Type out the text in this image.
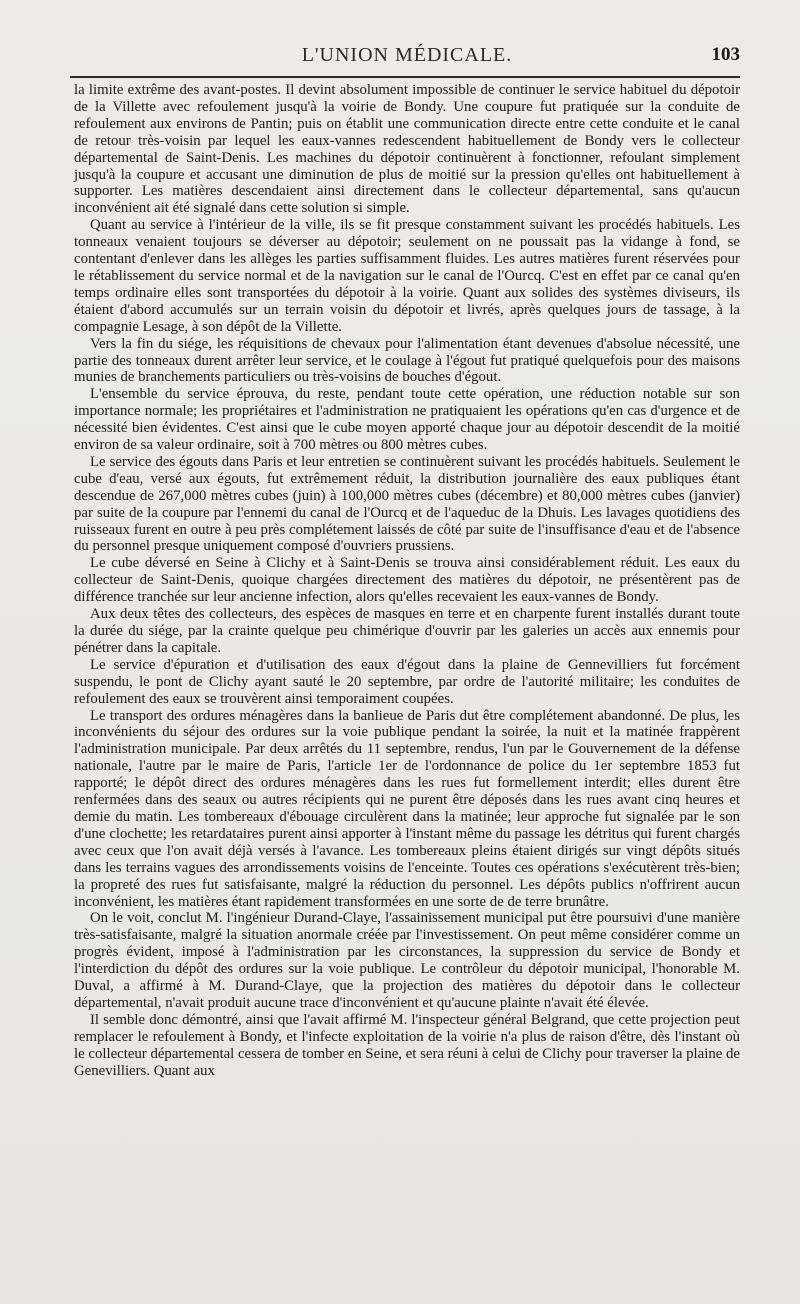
L'UNION MÉDICALE.	103

la limite extrême des avant-postes. Il devint absolument impossible de continuer le service habituel du dépotoir de la Villette avec refoulement jusqu'à la voirie de Bondy. Une coupure fut pratiquée sur la conduite de refoulement aux environs de Pantin; puis on établit une communication directe entre cette conduite et le canal de retour très-voisin par lequel les eaux-vannes redescendent habituellement de Bondy vers le collecteur départemental de Saint-Denis. Les machines du dépotoir continuèrent à fonctionner, refoulant simplement jusqu'à la coupure et accusant une diminution de plus de moitié sur la pression qu'elles ont habituellement à supporter. Les matières descendaient ainsi directement dans le collecteur départemental, sans qu'aucun inconvénient ait été signalé dans cette solution si simple.

Quant au service à l'intérieur de la ville, ils se fit presque constamment suivant les procédés habituels. Les tonneaux venaient toujours se déverser au dépotoir; seulement on ne poussait pas la vidange à fond, se contentant d'enlever dans les allèges les parties suffisamment fluides. Les autres matières furent réservées pour le rétablissement du service normal et de la navigation sur le canal de l'Ourcq. C'est en effet par ce canal qu'en temps ordinaire elles sont transportées du dépotoir à la voirie. Quant aux solides des systèmes diviseurs, ils étaient d'abord accumulés sur un terrain voisin du dépotoir et livrés, après quelques jours de tassage, à la compagnie Lesage, à son dépôt de la Villette.

Vers la fin du siége, les réquisitions de chevaux pour l'alimentation étant devenues d'absolue nécessité, une partie des tonneaux durent arrêter leur service, et le coulage à l'égout fut pratiqué quelquefois pour des maisons munies de branchements particuliers ou très-voisins de bouches d'égout.

L'ensemble du service éprouva, du reste, pendant toute cette opération, une réduction notable sur son importance normale; les propriétaires et l'administration ne pratiquaient les opérations qu'en cas d'urgence et de nécessité bien évidentes. C'est ainsi que le cube moyen apporté chaque jour au dépotoir descendit de la moitié environ de sa valeur ordinaire, soit à 700 mètres ou 800 mètres cubes.

Le service des égouts dans Paris et leur entretien se continuèrent suivant les procédés habituels. Seulement le cube d'eau, versé aux égouts, fut extrêmement réduit, la distribution journalière des eaux publiques étant descendue de 267,000 mètres cubes (juin) à 100,000 mètres cubes (décembre) et 80,000 mètres cubes (janvier) par suite de la coupure par l'ennemi du canal de l'Ourcq et de l'aqueduc de la Dhuis. Les lavages quotidiens des ruisseaux furent en outre à peu près complétement laissés de côté par suite de l'insuffisance d'eau et de l'absence du personnel presque uniquement composé d'ouvriers prussiens.

Le cube déversé en Seine à Clichy et à Saint-Denis se trouva ainsi considérablement réduit. Les eaux du collecteur de Saint-Denis, quoique chargées directement des matières du dépotoir, ne présentèrent pas de différence tranchée sur leur ancienne infection, alors qu'elles recevaient les eaux-vannes de Bondy.

Aux deux têtes des collecteurs, des espèces de masques en terre et en charpente furent installés durant toute la durée du siége, par la crainte quelque peu chimérique d'ouvrir par les galeries un accès aux ennemis pour pénétrer dans la capitale.

Le service d'épuration et d'utilisation des eaux d'égout dans la plaine de Gennevilliers fut forcément suspendu, le pont de Clichy ayant sauté le 20 septembre, par ordre de l'autorité militaire; les conduites de refoulement des eaux se trouvèrent ainsi temporaiment coupées.

Le transport des ordures ménagères dans la banlieue de Paris dut être complétement abandonné. De plus, les inconvénients du séjour des ordures sur la voie publique pendant la soirée, la nuit et la matinée frappèrent l'administration municipale. Par deux arrêtés du 11 septembre, rendus, l'un par le Gouvernement de la défense nationale, l'autre par le maire de Paris, l'article 1er de l'ordonnance de police du 1er septembre 1853 fut rapporté; le dépôt direct des ordures ménagères dans les rues fut formellement interdit; elles durent être renfermées dans des seaux ou autres récipients qui ne purent être déposés dans les rues avant cinq heures et demie du matin. Les tombereaux d'ébouage circulèrent dans la matinée; leur approche fut signalée par le son d'une clochette; les retardataires purent ainsi apporter à l'instant même du passage les détritus qui furent chargés avec ceux que l'on avait déjà versés à l'avance. Les tombereaux pleins étaient dirigés sur vingt dépôts situés dans les terrains vagues des arrondissements voisins de l'enceinte. Toutes ces opérations s'exécutèrent très-bien; la propreté des rues fut satisfaisante, malgré la réduction du personnel. Les dépôts publics n'offrirent aucun inconvénient, les matières étant rapidement transformées en une sorte de de terre brunâtre.

On le voit, conclut M. l'ingénieur Durand-Claye, l'assainissement municipal put être poursuivi d'une manière très-satisfaisante, malgré la situation anormale créée par l'investissement. On peut même considérer comme un progrès évident, imposé à l'administration par les circonstances, la suppression du service de Bondy et l'interdiction du dépôt des ordures sur la voie publique. Le contrôleur du dépotoir municipal, l'honorable M. Duval, a affirmé à M. Durand-Claye, que la projection des matières du dépotoir dans le collecteur départemental, n'avait produit aucune trace d'inconvénient et qu'aucune plainte n'avait été élevée.

Il semble donc démontré, ainsi que l'avait affirmé M. l'inspecteur général Belgrand, que cette projection peut remplacer le refoulement à Bondy, et l'infecte exploitation de la voirie n'a plus de raison d'être, dès l'instant où le collecteur départemental cessera de tomber en Seine, et sera réuni à celui de Clichy pour traverser la plaine de Genevilliers. Quant aux
